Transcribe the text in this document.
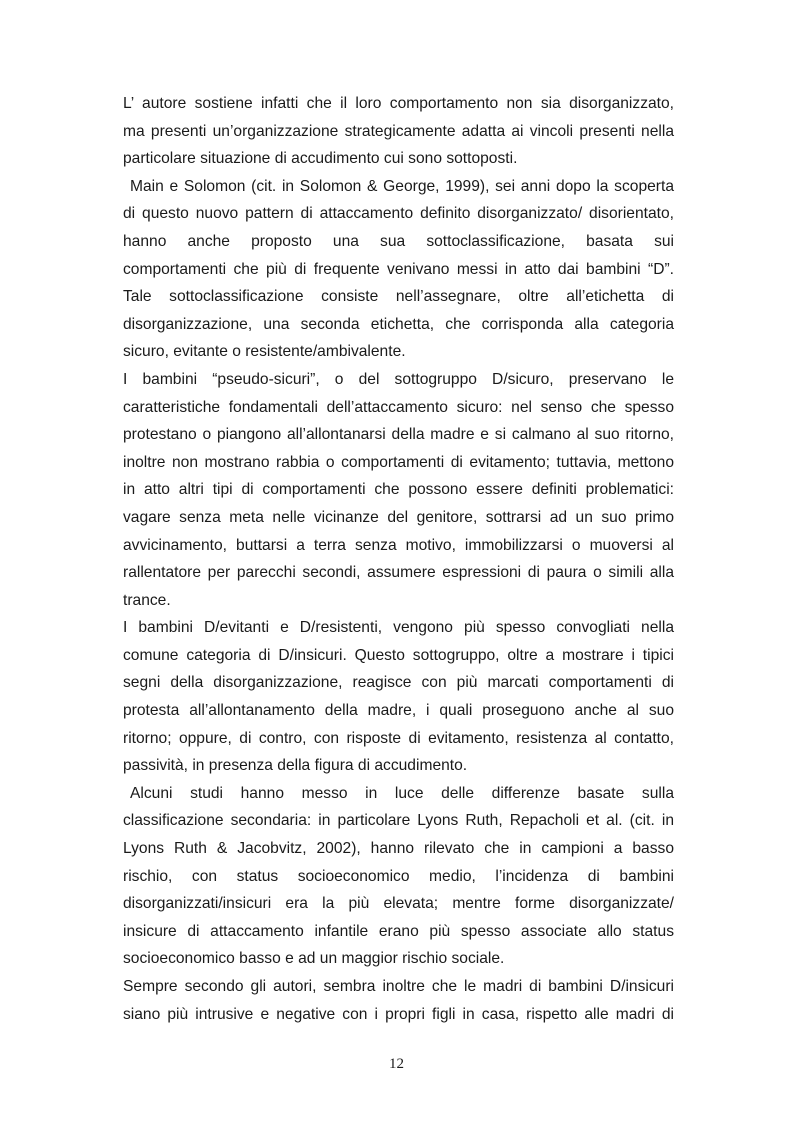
L’ autore sostiene infatti che il loro comportamento non sia disorganizzato,
ma presenti un’organizzazione strategicamente adatta ai vincoli presenti nella
particolare situazione di accudimento cui sono sottoposti.
Main e Solomon (cit. in Solomon & George, 1999), sei anni dopo la scoperta
di questo nuovo pattern di attaccamento definito disorganizzato/ disorientato,
hanno anche proposto una sua sottoclassificazione, basata sui
comportamenti che più di frequente venivano messi in atto dai bambini “D”.
Tale sottoclassificazione consiste nell’assegnare, oltre all’etichetta di
disorganizzazione, una seconda etichetta, che corrisponda alla categoria
sicuro, evitante o resistente/ambivalente.
I bambini “pseudo-sicuri”, o del sottogruppo D/sicuro, preservano le
caratteristiche fondamentali dell’attaccamento sicuro: nel senso che spesso
protestano o piangono all’allontanarsi della madre e si calmano al suo ritorno,
inoltre non mostrano rabbia o comportamenti di evitamento; tuttavia, mettono
in atto altri tipi di comportamenti che possono essere definiti problematici:
vagare senza meta nelle vicinanze del genitore, sottrarsi ad un suo primo
avvicinamento, buttarsi a terra senza motivo, immobilizzarsi o muoversi al
rallentatore per parecchi secondi, assumere espressioni di paura o simili alla
trance.
I bambini D/evitanti e D/resistenti, vengono più spesso convogliati nella
comune categoria di D/insicuri. Questo sottogruppo, oltre a mostrare i tipici
segni della disorganizzazione, reagisce con più marcati comportamenti di
protesta all’allontanamento della madre, i quali proseguono anche al suo
ritorno; oppure, di contro, con risposte di evitamento, resistenza al contatto,
passività, in presenza della figura di accudimento.
Alcuni studi hanno messo in luce delle differenze basate sulla
classificazione secondaria: in particolare Lyons Ruth, Repacholi et al. (cit. in
Lyons Ruth & Jacobvitz, 2002), hanno rilevato che in campioni a basso
rischio, con status socioeconomico medio, l’incidenza di bambini
disorganizzati/insicuri era la più elevata; mentre forme disorganizzate/
insicure di attaccamento infantile erano più spesso associate allo status
socioeconomico basso e ad un maggior rischio sociale.
Sempre secondo gli autori, sembra inoltre che le madri di bambini D/insicuri
siano più intrusive e negative con i propri figli in casa, rispetto alle madri di
12
